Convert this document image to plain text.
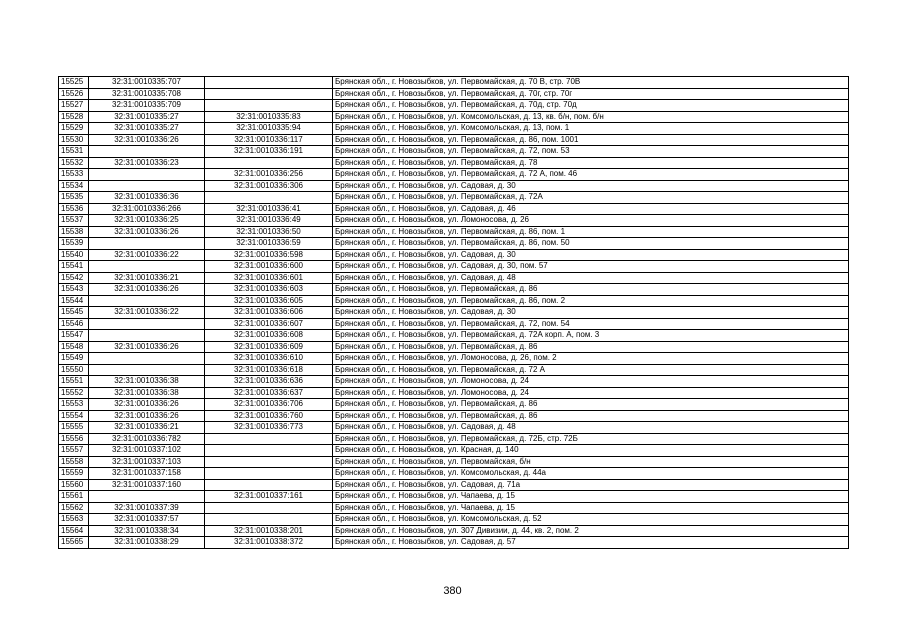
15525	32:31:0010335:707		Брянская обл., г. Новозыбков, ул. Первомайская, д. 70 В, стр. 70В
15526	32:31:0010335:708		Брянская обл., г. Новозыбков, ул. Первомайская, д. 70г, стр. 70г
15527	32:31:0010335:709		Брянская обл., г. Новозыбков, ул. Первомайская, д. 70д, стр. 70д
15528	32:31:0010335:27	32:31:0010335:83	Брянская обл., г. Новозыбков, ул. Комсомольская, д. 13, кв. б/н, пом. б/н
15529	32:31:0010335:27	32:31:0010335:94	Брянская обл., г. Новозыбков, ул. Комсомольская, д. 13, пом. 1
15530	32:31:0010336:26	32:31:0010336:117	Брянская обл., г. Новозыбков, ул. Первомайская, д. 86, пом. 1001
15531		32:31:0010336:191	Брянская обл., г. Новозыбков, ул. Первомайская, д. 72, пом. 53
15532	32:31:0010336:23		Брянская обл., г. Новозыбков, ул. Первомайская, д. 78
15533		32:31:0010336:256	Брянская обл., г. Новозыбков, ул. Первомайская, д. 72 А, пом. 46
15534		32:31:0010336:306	Брянская обл., г. Новозыбков, ул. Садовая, д. 30
15535	32:31:0010336:36		Брянская обл., г. Новозыбков, ул. Первомайская, д. 72А
15536	32:31:0010336:266	32:31:0010336:41	Брянская обл., г. Новозыбков, ул. Садовая, д. 46
15537	32:31:0010336:25	32:31:0010336:49	Брянская обл., г. Новозыбков, ул. Ломоносова, д. 26
15538	32:31:0010336:26	32:31:0010336:50	Брянская обл., г. Новозыбков, ул. Первомайская, д. 86, пом. 1
15539		32:31:0010336:59	Брянская обл., г. Новозыбков, ул. Первомайская, д. 86, пом. 50
15540	32:31:0010336:22	32:31:0010336:598	Брянская обл., г. Новозыбков, ул. Садовая, д. 30
15541		32:31:0010336:600	Брянская обл., г. Новозыбков, ул. Садовая, д. 30, пом. 57
15542	32:31:0010336:21	32:31:0010336:601	Брянская обл., г. Новозыбков, ул. Садовая, д. 48
15543	32:31:0010336:26	32:31:0010336:603	Брянская обл., г. Новозыбков, ул. Первомайская, д. 86
15544		32:31:0010336:605	Брянская обл., г. Новозыбков, ул. Первомайская, д. 86, пом. 2
15545	32:31:0010336:22	32:31:0010336:606	Брянская обл., г. Новозыбков, ул. Садовая, д. 30
15546		32:31:0010336:607	Брянская обл., г. Новозыбков, ул. Первомайская, д. 72, пом. 54
15547		32:31:0010336:608	Брянская обл., г. Новозыбков, ул. Первомайская, д. 72А корп. А, пом. 3
15548	32:31:0010336:26	32:31:0010336:609	Брянская обл., г. Новозыбков, ул. Первомайская, д. 86
15549		32:31:0010336:610	Брянская обл., г. Новозыбков, ул. Ломоносова, д. 26, пом. 2
15550		32:31:0010336:618	Брянская обл., г. Новозыбков, ул. Первомайская, д. 72 А
15551	32:31:0010336:38	32:31:0010336:636	Брянская обл., г. Новозыбков, ул. Ломоносова, д. 24
15552	32:31:0010336:38	32:31:0010336:637	Брянская обл., г. Новозыбков, ул. Ломоносова, д. 24
15553	32:31:0010336:26	32:31:0010336:706	Брянская обл., г. Новозыбков, ул. Первомайская, д. 86
15554	32:31:0010336:26	32:31:0010336:760	Брянская обл., г. Новозыбков, ул. Первомайская, д. 86
15555	32:31:0010336:21	32:31:0010336:773	Брянская обл., г. Новозыбков, ул. Садовая, д. 48
15556	32:31:0010336:782		Брянская обл., г. Новозыбков, ул. Первомайская, д. 72Б, стр. 72Б
15557	32:31:0010337:102		Брянская обл., г. Новозыбков, ул. Красная, д. 140
15558	32:31:0010337:103		Брянская обл., г. Новозыбков, ул. Первомайская, б/н
15559	32:31:0010337:158		Брянская обл., г. Новозыбков, ул. Комсомольская, д. 44а
15560	32:31:0010337:160		Брянская обл., г. Новозыбков, ул. Садовая, д. 71а
15561		32:31:0010337:161	Брянская обл., г. Новозыбков, ул. Чапаева, д. 15
15562	32:31:0010337:39		Брянская обл., г. Новозыбков, ул. Чапаева, д. 15
15563	32:31:0010337:57		Брянская обл., г. Новозыбков, ул. Комсомольская, д. 52
15564	32:31:0010338:34	32:31:0010338:201	Брянская обл., г. Новозыбков, ул. 307 Дивизии, д. 44, кв. 2, пом. 2
15565	32:31:0010338:29	32:31:0010338:372	Брянская обл., г. Новозыбков, ул. Садовая, д. 57
380
